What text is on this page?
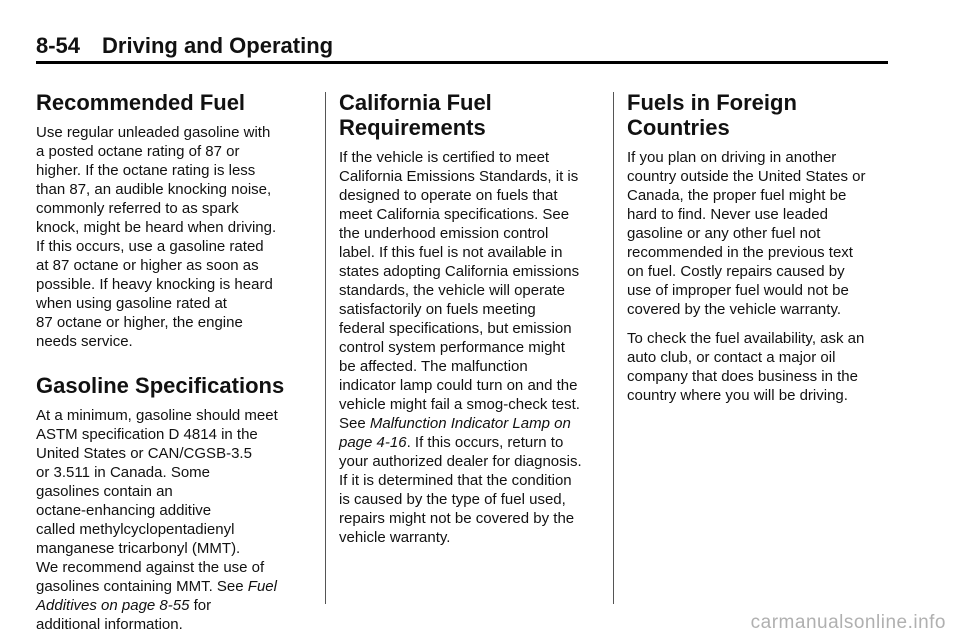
8-54 Driving and Operating
Recommended Fuel

Use regular unleaded gasoline with
a posted octane rating of 87 or
higher. If the octane rating is less
than 87, an audible knocking noise,
commonly referred to as spark
knock, might be heard when driving.
If this occurs, use a gasoline rated
at 87 octane or higher as soon as
possible. If heavy knocking is heard
when using gasoline rated at
87 octane or higher, the engine
needs service.

Gasoline Specifications

At a minimum, gasoline should meet
ASTM specification D 4814 in the
United States or CAN/CGSB-3.5
or 3.511 in Canada. Some
gasolines contain an
octane-enhancing additive
called methylcyclopentadienyl
manganese tricarbonyl (MMT).
We recommend against the use of
gasolines containing MMT. See Fuel
Additives on page 8-55 for
additional information.

California Fuel
Requirements

If the vehicle is certified to meet
California Emissions Standards, it is
designed to operate on fuels that
meet California specifications. See
the underhood emission control
label. If this fuel is not available in
states adopting California emissions
standards, the vehicle will operate
satisfactorily on fuels meeting
federal specifications, but emission
control system performance might
be affected. The malfunction
indicator lamp could turn on and the
vehicle might fail a smog-check test.
See Malfunction Indicator Lamp on
page 4-16. If this occurs, return to
your authorized dealer for diagnosis.
If it is determined that the condition
is caused by the type of fuel used,
repairs might not be covered by the
vehicle warranty.

Fuels in Foreign
Countries

If you plan on driving in another
country outside the United States or
Canada, the proper fuel might be
hard to find. Never use leaded
gasoline or any other fuel not
recommended in the previous text
on fuel. Costly repairs caused by
use of improper fuel would not be
covered by the vehicle warranty.

To check the fuel availability, ask an
auto club, or contact a major oil
company that does business in the
country where you will be driving.

carmanualsonline.info
